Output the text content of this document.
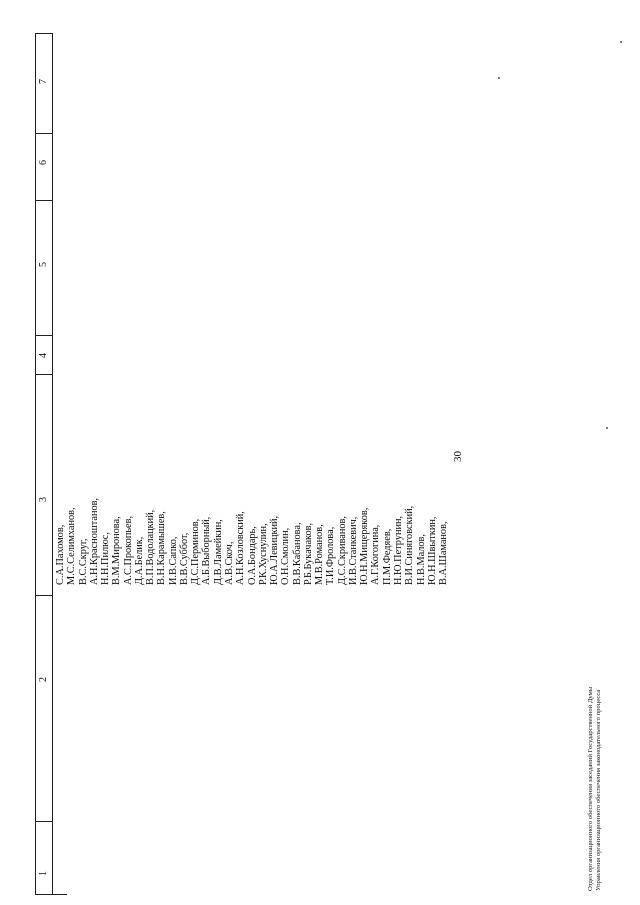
30
1
2
3
4
5
6
7
С.А.Пахомов, М.С.Селимханов, В.С.Скруг, А.Н.Красноштанов, Н.Н.Пилюс, В.М.Миронова, А.С.Прокопьев, Д.А.Белик, В.П.Водолацкий, В.Н.Карамышев, И.В.Сапко, В.В.Суббот, Д.С.Перминов, А.Б.Выборный, Д.В.Ламейкин, А.В.Скоч, А.Н.Козловский, О.А.Бондарь, Р.К.Хуснулин, Ю.А.Левицкий, О.Н.Смолин, В.В.Кабанова, Р.Б.Букачаков, М.В.Романов, Т.И.Фролова, Д.С.Скриванов, И.В.Станкевич, Ю.Н.Мищеряков, А.Г.Когогина, П.М.Федяев, Н.Ю.Петрунин, В.И.Синяговский, Н.В.Малов, Ю.Н.Швыткин, В.А.Шаманов,
Отдел организационного обеспечения заседаний Государственной Думы Управления организационного обеспечения законодательного процесса
